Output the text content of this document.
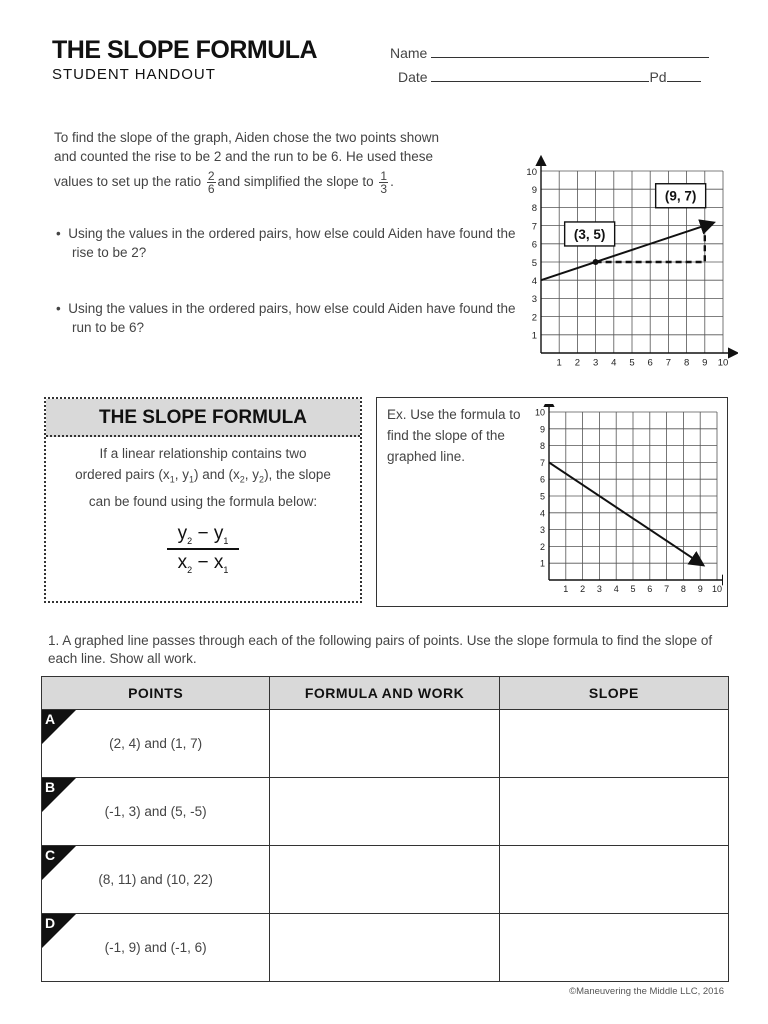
THE SLOPE FORMULA
STUDENT HANDOUT
Name
Date	Pd
To find the slope of the graph, Aiden chose the two points shown
and counted the rise to be 2 and the run to be 6. He used these
values to set up the ratio $\frac{2}{6}$ and simplified the slope to $\frac{1}{3}$ .
•  Using the values in the ordered pairs, how else could Aiden have found the rise to be 2?
•  Using the values in the ordered pairs, how else could Aiden have found the run to be 6?
1
1
2
2
3
3
4
4
5
5
6
6
7
7
8
8
9
9
10
10
(3, 5)
(9, 7)
THE SLOPE FORMULA
If a linear relationship contains two
ordered pairs ($x_1$, $y_1$) and ($x_2$, $y_2$), the slope
can be found using the formula below:
$y_2 - y_1$
$x_2 - x_1$
Ex. Use the formula to find the slope of the graphed line.
1
1
2
2
3
3
4
4
5
5
6
6
7
7
8
8
9
9
10
10
1. A graphed line passes through each of the following pairs of points. Use the slope formula to find the slope of each line. Show all work.
POINTS	FORMULA AND WORK	SLOPE

A
(2, 4) and (1, 7)		

B
(-1, 3) and (5, -5)		

C
(8, 11) and (10, 22)		

D
(-1, 9) and (-1, 6)		
©Maneuvering the Middle LLC, 2016
